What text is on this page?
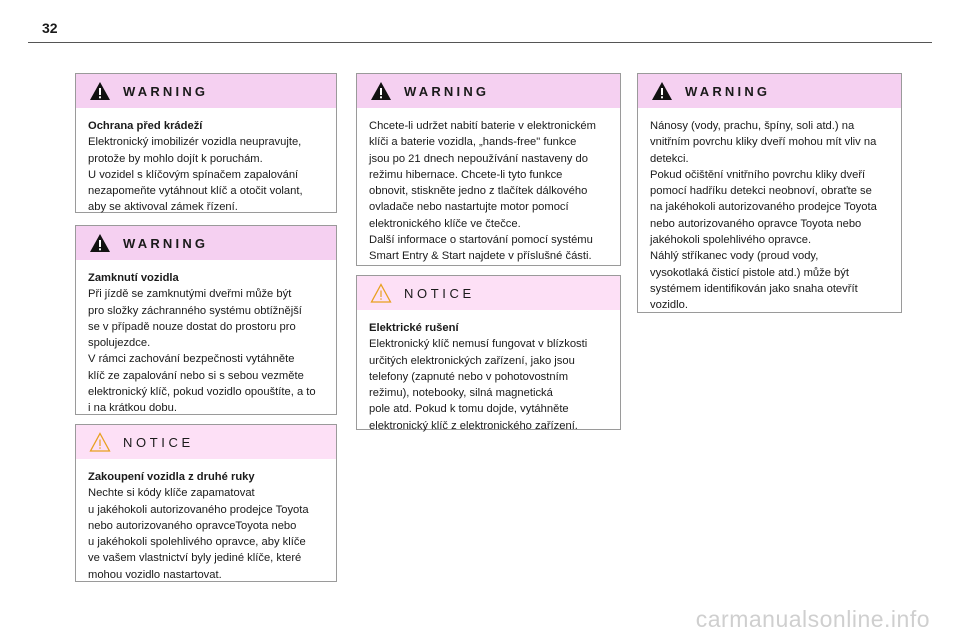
32
WARNING
Ochrana před krádeží
Elektronický imobilizér vozidla neupravujte,
protože by mohlo dojít k poruchám.
U vozidel s klíčovým spínačem zapalování
nezapomeňte vytáhnout klíč a otočit volant,
aby se aktivoval zámek řízení.
WARNING
Zamknutí vozidla
Při jízdě se zamknutými dveřmi může být
pro složky záchranného systému obtížnější
se v případě nouze dostat do prostoru pro
spolujezdce.
V rámci zachování bezpečnosti vytáhněte
klíč ze zapalování nebo si s sebou vezměte
elektronický klíč, pokud vozidlo opouštíte, a to
i na krátkou dobu.
NOTICE
Zakoupení vozidla z druhé ruky
Nechte si kódy klíče zapamatovat
u jakéhokoli autorizovaného prodejce Toyota
nebo autorizovaného opravceToyota nebo
u jakéhokoli spolehlivého opravce, aby klíče
ve vašem vlastnictví byly jediné klíče, které
mohou vozidlo nastartovat.
WARNING
Chcete-li udržet nabití baterie v elektronickém
klíči a baterie vozidla, „hands-free" funkce
jsou po 21 dnech nepoužívání nastaveny do
režimu hibernace. Chcete-li tyto funkce
obnovit, stiskněte jedno z tlačítek dálkového
ovladače nebo nastartujte motor pomocí
elektronického klíče ve čtečce.
Další informace o startování pomocí systému
Smart Entry & Start najdete v příslušné části.
NOTICE
Elektrické rušení
Elektronický klíč nemusí fungovat v blízkosti
určitých elektronických zařízení, jako jsou
telefony (zapnuté nebo v pohotovostním
režimu), notebooky, silná magnetická
pole atd. Pokud k tomu dojde, vytáhněte
elektronický klíč z elektronického zařízení.
WARNING
Nánosy (vody, prachu, špíny, soli atd.) na
vnitřním povrchu kliky dveří mohou mít vliv na
detekci.
Pokud očištění vnitřního povrchu kliky dveří
pomocí hadříku detekci neobnoví, obraťte se
na jakéhokoli autorizovaného prodejce Toyota
nebo autorizovaného opravce Toyota nebo
jakéhokoli spolehlivého opravce.
Náhlý stříkanec vody (proud vody,
vysokotlaká čisticí pistole atd.) může být
systémem identifikován jako snaha otevřít
vozidlo.
carmanualsonline.info
